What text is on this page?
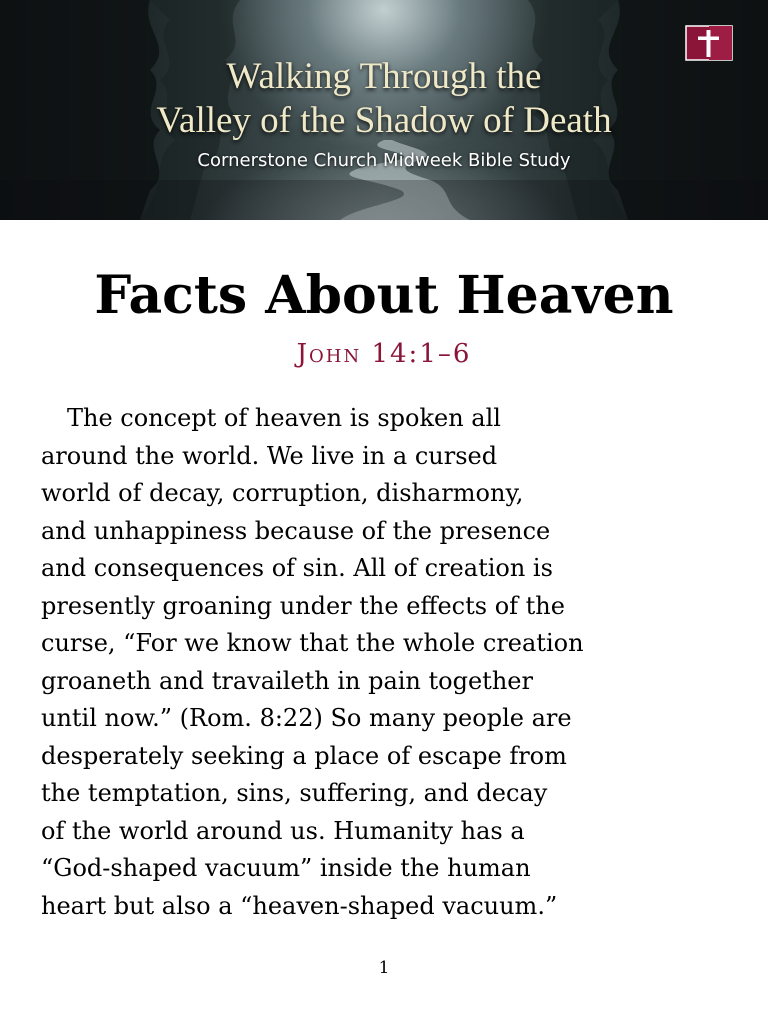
Walking Through the
Valley of the Shadow of Death
Cornerstone Church Midweek Bible Study
Facts About Heaven
John 14:1–6
The concept of heaven is spoken all
around the world. We live in a cursed
world of decay, corruption, disharmony,
and unhappiness because of the presence
and consequences of sin. All of creation is
presently groaning under the effects of the
curse, “For we know that the whole creation
groaneth and travaileth in pain together
until now.” (Rom. 8:22) So many people are
desperately seeking a place of escape from
the temptation, sins, suffering, and decay
of the world around us. Humanity has a
“God-shaped vacuum” inside the human
heart but also a “heaven-shaped vacuum.”
1
